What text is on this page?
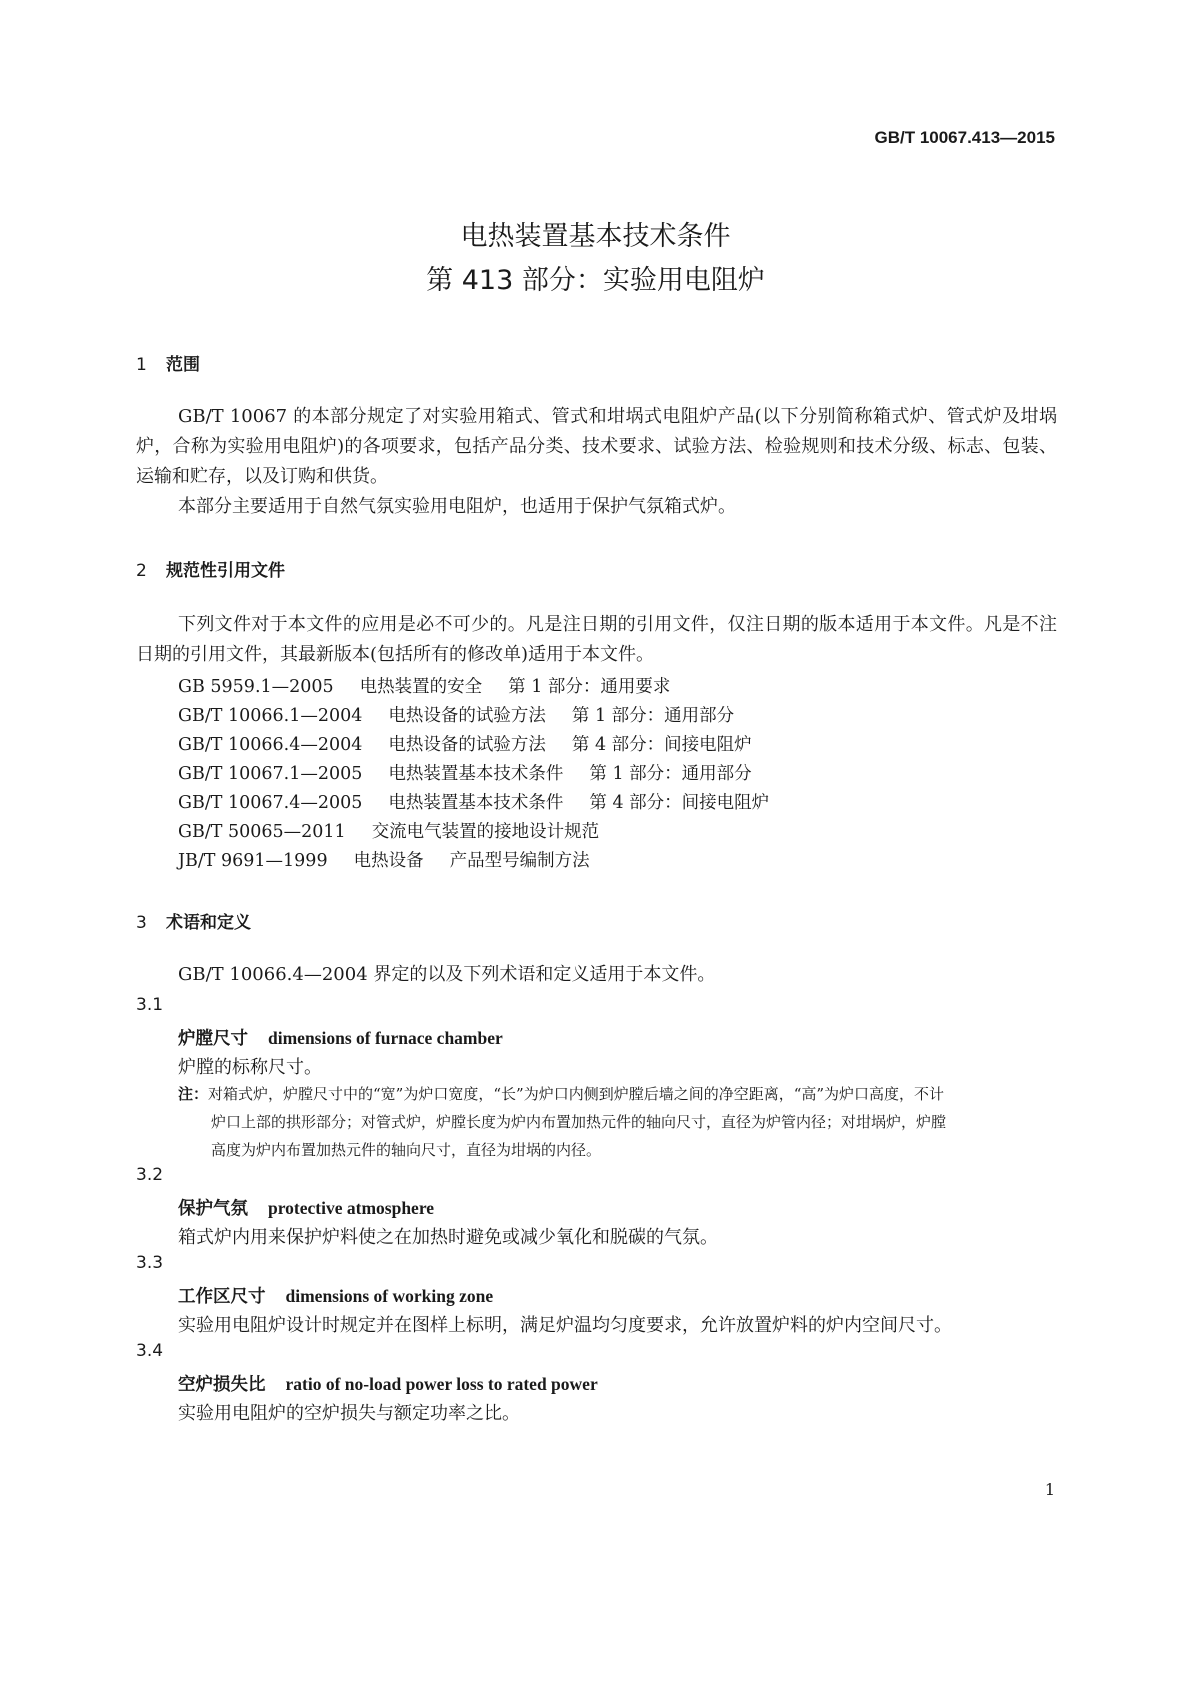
GB/T 10067.413—2015
电热装置基本技术条件
第 413 部分：实验用电阻炉
1 范围

GB/T 10067 的本部分规定了对实验用箱式、管式和坩埚式电阻炉产品(以下分别简称箱式炉、管式炉及坩埚炉，合称为实验用电阻炉)的各项要求，包括产品分类、技术要求、试验方法、检验规则和技术分级、标志、包装、运输和贮存，以及订购和供货。

本部分主要适用于自然气氛实验用电阻炉，也适用于保护气氛箱式炉。

2 规范性引用文件

下列文件对于本文件的应用是必不可少的。凡是注日期的引用文件，仅注日期的版本适用于本文件。凡是不注日期的引用文件，其最新版本(包括所有的修改单)适用于本文件。

GB 5959.1—2005 电热装置的安全 第 1 部分：通用要求
GB/T 10066.1—2004 电热设备的试验方法 第 1 部分：通用部分
GB/T 10066.4—2004 电热设备的试验方法 第 4 部分：间接电阻炉
GB/T 10067.1—2005 电热装置基本技术条件 第 1 部分：通用部分
GB/T 10067.4—2005 电热装置基本技术条件 第 4 部分：间接电阻炉
GB/T 50065—2011 交流电气装置的接地设计规范
JB/T 9691—1999 电热设备 产品型号编制方法
3 术语和定义

GB/T 10066.4—2004 界定的以及下列术语和定义适用于本文件。

3.1
炉膛尺寸 dimensions of furnace chamber
炉膛的标称尺寸。
注：对箱式炉，炉膛尺寸中的“宽”为炉口宽度，“长”为炉口内侧到炉膛后墙之间的净空距离，“高”为炉口高度，不计
炉口上部的拱形部分；对管式炉，炉膛长度为炉内布置加热元件的轴向尺寸，直径为炉管内径；对坩埚炉，炉膛
高度为炉内布置加热元件的轴向尺寸，直径为坩埚的内径。
3.2
保护气氛 protective atmosphere
箱式炉内用来保护炉料使之在加热时避免或减少氧化和脱碳的气氛。
3.3
工作区尺寸 dimensions of working zone
实验用电阻炉设计时规定并在图样上标明，满足炉温均匀度要求，允许放置炉料的炉内空间尺寸。
3.4
空炉损失比 ratio of no-load power loss to rated power
实验用电阻炉的空炉损失与额定功率之比。
1
